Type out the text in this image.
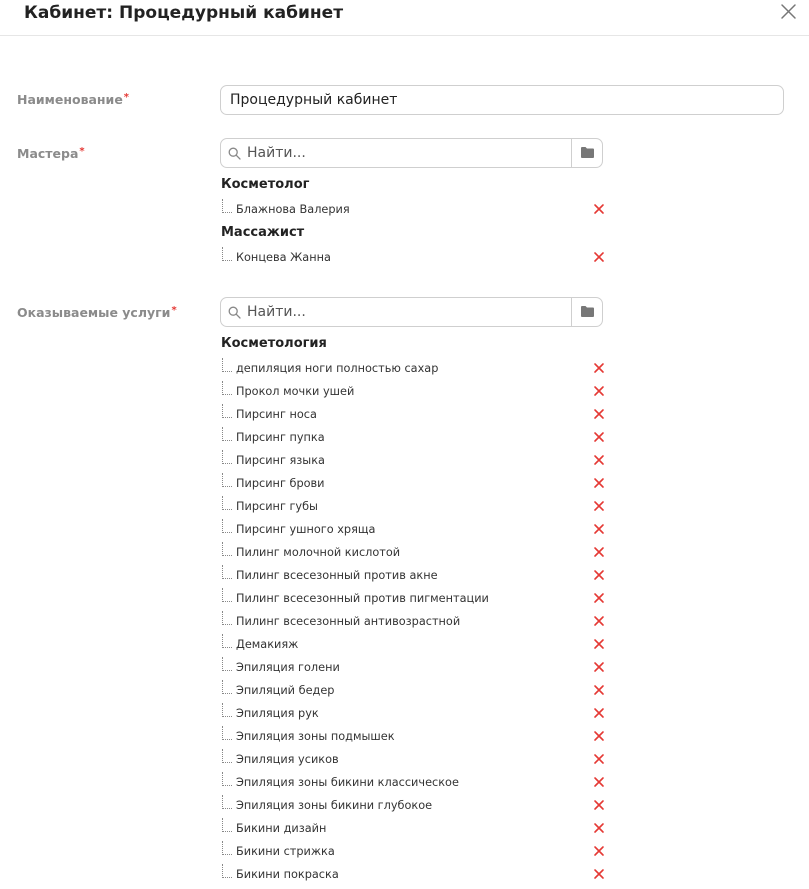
Кабинет: Процедурный кабинет
Наименование*
Процедурный кабинет
Мастера*
Найти...
Косметолог
Блажнова Валерия
Массажист
Концева Жанна
Оказываемые услуги*
Найти...
Косметология
депиляция ноги полностью сахар
Прокол мочки ушей
Пирсинг носа
Пирсинг пупка
Пирсинг языка
Пирсинг брови
Пирсинг губы
Пирсинг ушного хряща
Пилинг молочной кислотой
Пилинг всесезонный против акне
Пилинг всесезонный против пигментации
Пилинг всесезонный антивозрастной
Демакияж
Эпиляция голени
Эпиляций бедер
Эпиляция рук
Эпиляция зоны подмышек
Эпиляция усиков
Эпиляция зоны бикини классическое
Эпиляция зоны бикини глубокое
Бикини дизайн
Бикини стрижка
Бикини покраска
